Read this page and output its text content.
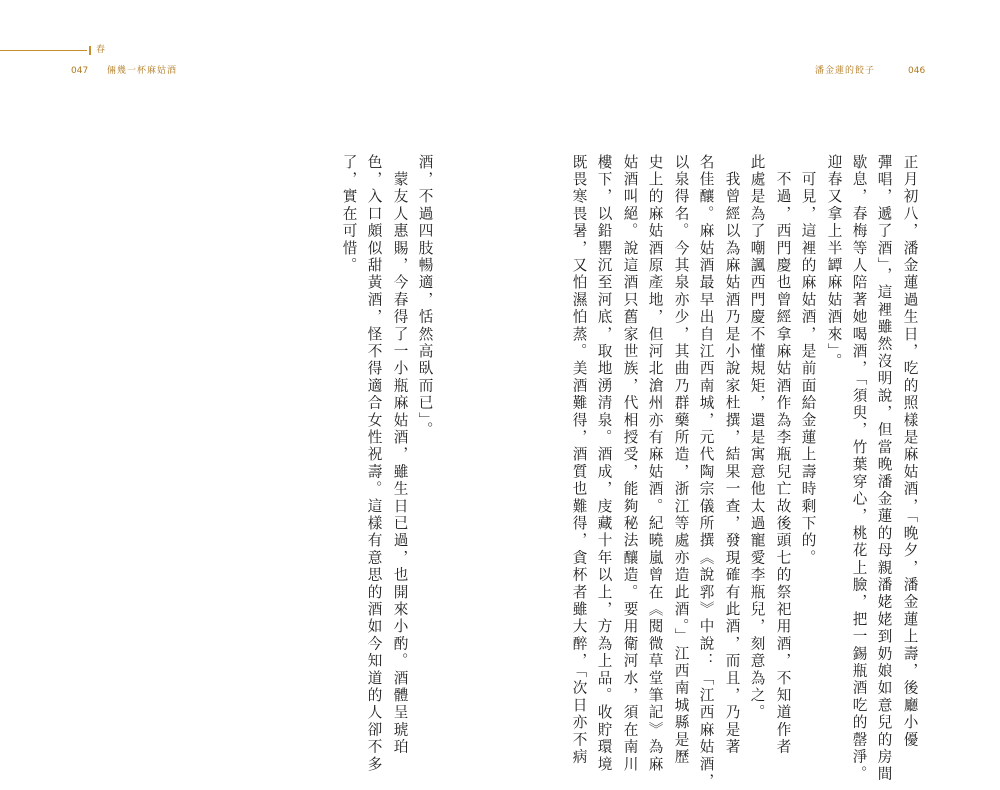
春
047 倆幾一杯麻姑酒	潘金蓮的餃子	046
正月初八，潘金蓮過生日，吃的照樣是麻姑酒，「晚夕，潘金蓮上壽，後廳小優
彈唱，遞了酒」，這裡雖然沒明說，但當晚潘金蓮的母親潘姥姥到奶娘如意兒的房間
歇息，春梅等人陪著她喝酒，「須臾，竹葉穿心，桃花上臉，把一錫瓶酒吃的罄淨。
迎春又拿上半罈麻姑酒來」。
　可見，這裡的麻姑酒，是前面給金蓮上壽時剩下的。
　不過，西門慶也曾經拿麻姑酒作為李瓶兒亡故後頭七的祭祀用酒，不知道作者
此處是為了嘲諷西門慶不懂規矩，還是寓意他太過寵愛李瓶兒，刻意為之。
　我曾經以為麻姑酒乃是小說家杜撰，結果一查，發現確有此酒，而且，乃是著
名佳釀。麻姑酒最早出自江西南城，元代陶宗儀所撰《說郛》中說：「江西麻姑酒，
以泉得名。今其泉亦少，其曲乃群藥所造，浙江等處亦造此酒。」江西南城縣是歷
史上的麻姑酒原產地，但河北滄州亦有麻姑酒。紀曉嵐曾在《閱微草堂筆記》為麻
姑酒叫絕。說這酒只舊家世族，代相授受，能夠秘法釀造。要用衛河水，須在南川
樓下，以鉛罌沉至河底，取地湧清泉。酒成，庋藏十年以上，方為上品。收貯環境
既畏寒畏暑，又怕濕怕蒸。美酒難得，酒質也難得，貪杯者雖大醉，「次日亦不病
酒，不過四肢暢適，恬然高臥而已」。
　蒙友人惠賜，今春得了一小瓶麻姑酒，雖生日已過，也開來小酌。酒體呈琥珀
色，入口頗似甜黃酒，怪不得適合女性祝壽。這樣有意思的酒如今知道的人卻不多
了，實在可惜。
